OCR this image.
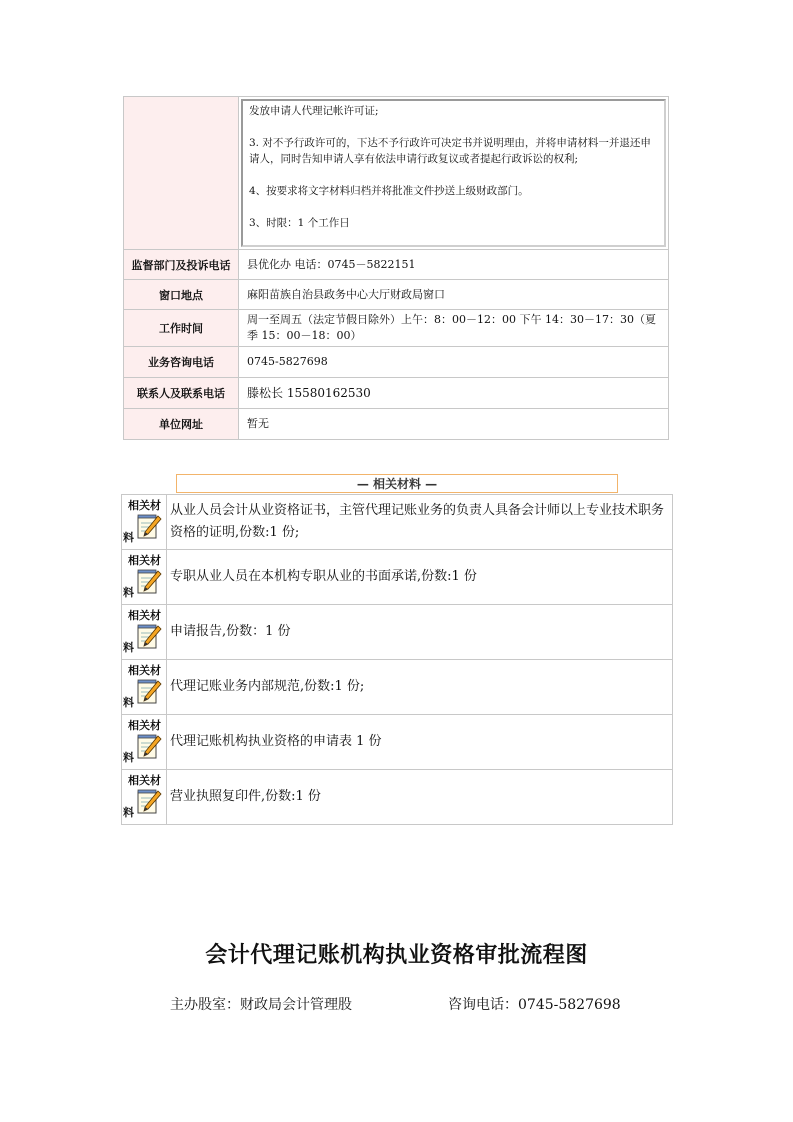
	发放申请人代理记帐许可证;

3. 对不予行政许可的，下达不予行政许可决定书并说明理由，并将申请材料一并退还申请人，同时告知申请人享有依法申请行政复议或者提起行政诉讼的权利;

4、按要求将文字材料归档并将批准文件抄送上级财政部门。

3、时限：1 个工作日

监督部门及投诉电话	县优化办 电话：0745－5822151
窗口地点	麻阳苗族自治县政务中心大厅财政局窗口
工作时间	周一至周五（法定节假日除外）上午：8：00－12：00 下午 14：30－17：30（夏季 15：00－18：00）
业务咨询电话	0745-5827698
联系人及联系电话	滕松长 15580162530
单位网址	暂无
— 相关材料 —
相关材
料	从业人员会计从业资格证书，主管代理记账业务的负责人具备会计师以上专业技术职务资格的证明,份数:1 份;

相关材
料	专职从业人员在本机构专职从业的书面承诺,份数:1 份

相关材
料	申请报告,份数：1 份

相关材
料	代理记账业务内部规范,份数:1 份;

相关材
料	代理记账机构执业资格的申请表 1 份

相关材
料	营业执照复印件,份数:1 份
会计代理记账机构执业资格审批流程图
主办股室：财政局会计管理股	咨询电话：0745-5827698
